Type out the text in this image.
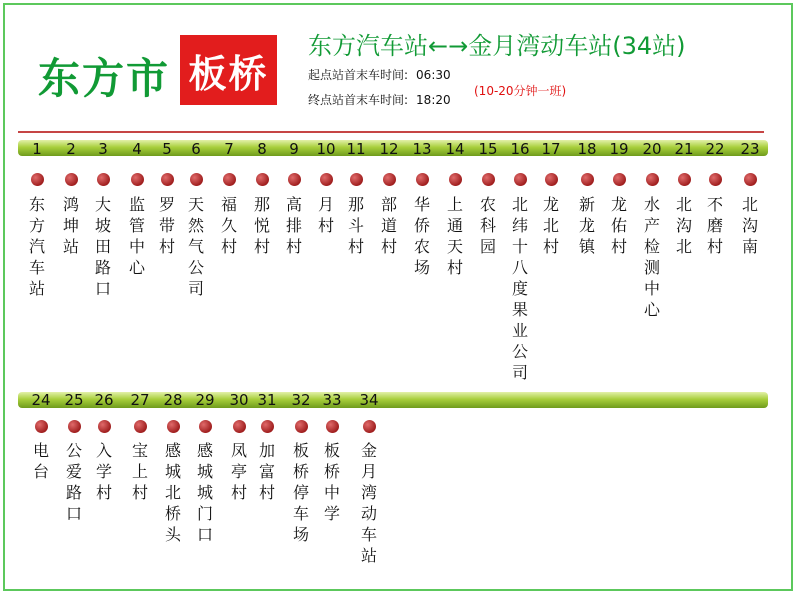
东方市 板桥
东方汽车站←→金月湾动车站(34站)
起点站首末车时间: 06:30
终点站首末车时间: 18:20
(10-20分钟一班)
1
东方汽车站
2
鸿坤站
3
大坡田路口
4
监管中心
5
罗带村
6
天然气公司
7
福久村
8
那悦村
9
高排村
10
月村
11
那斗村
12
部道村
13
华侨农场
14
上通天村
15
农科园
16
北纬十八度果业公司
17
龙北村
18
新龙镇
19
龙佑村
20
水产检测中心
21
北沟北
22
不磨村
23
北沟南
24
电台
25
公爱路口
26
入学村
27
宝上村
28
感城北桥头
29
感城城门口
30
凤亭村
31
加富村
32
板桥停车场
33
板桥中学
34
金月湾动车站
